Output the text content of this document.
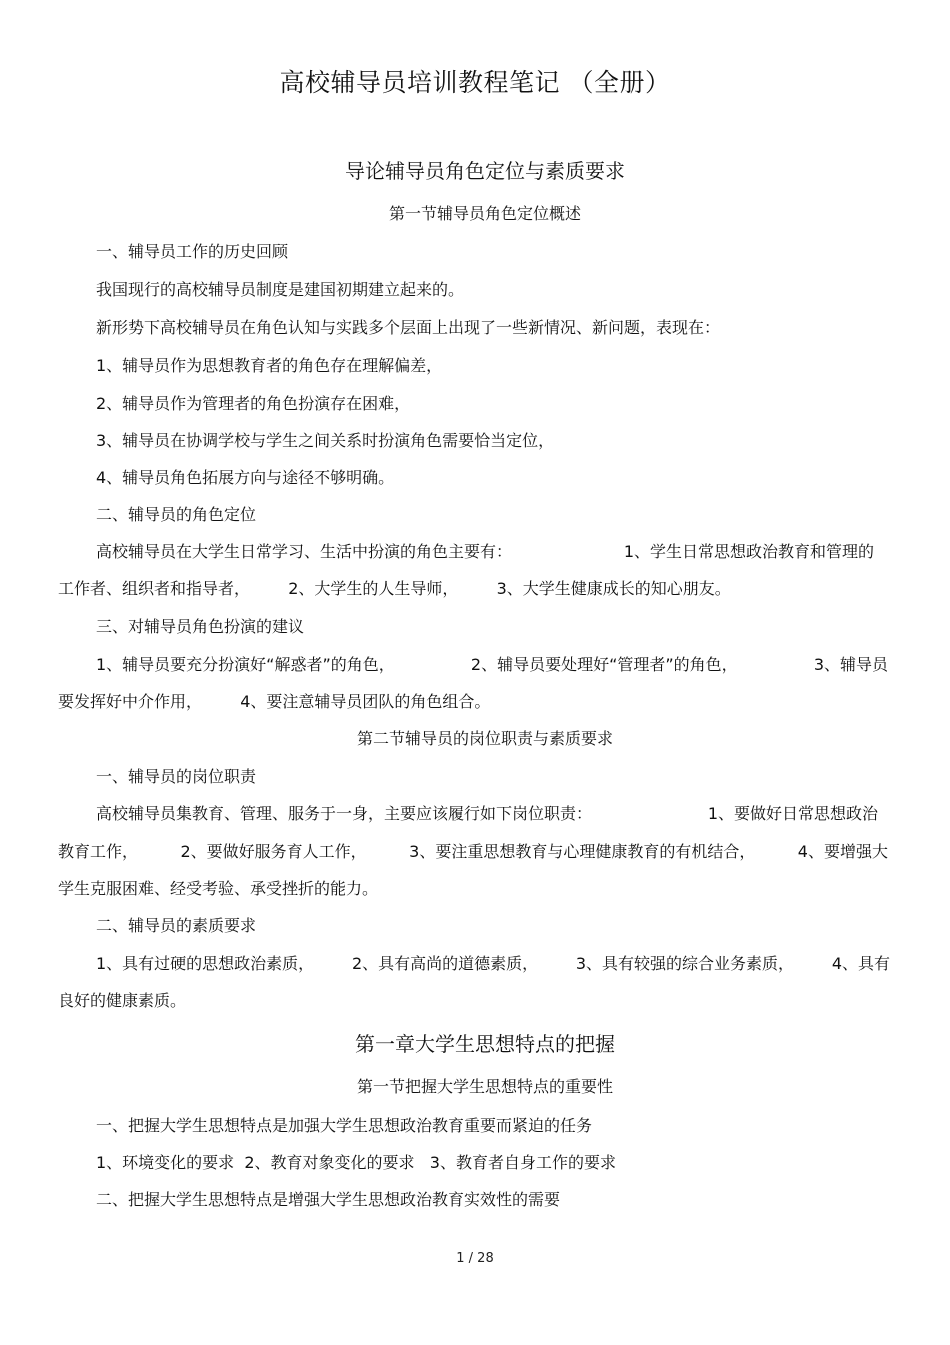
高校辅导员培训教程笔记 （全册）
导论辅导员角色定位与素质要求
第一节辅导员角色定位概述
一、辅导员工作的历史回顾
我国现行的高校辅导员制度是建国初期建立起来的。
新形势下高校辅导员在角色认知与实践多个层面上出现了一些新情况、新问题，表现在：
1、辅导员作为思想教育者的角色存在理解偏差，
2、辅导员作为管理者的角色扮演存在困难，
3、辅导员在协调学校与学生之间关系时扮演角色需要恰当定位，
4、辅导员角色拓展方向与途径不够明确。
二、辅导员的角色定位
高校辅导员在大学生日常学习、生活中扮演的角色主要有：	1、学生日常思想政治教育和管理的
工作者、组织者和指导者， 2、大学生的人生导师， 3、大学生健康成长的知心朋友。
三、对辅导员角色扮演的建议
1、辅导员要充分扮演好“解惑者”的角色，	2、辅导员要处理好“管理者”的角色，	3、辅导员
要发挥好中介作用， 4、要注意辅导员团队的角色组合。
第二节辅导员的岗位职责与素质要求
一、辅导员的岗位职责
高校辅导员集教育、管理、服务于一身，主要应该履行如下岗位职责：	1、要做好日常思想政治
教育工作，	2、要做好服务育人工作，	3、要注重思想教育与心理健康教育的有机结合，	4、要增强大
学生克服困难、经受考验、承受挫折的能力。
二、辅导员的素质要求
1、具有过硬的思想政治素质， 2、具有高尚的道德素质， 3、具有较强的综合业务素质， 4、具有
良好的健康素质。
第一章大学生思想特点的把握
第一节把握大学生思想特点的重要性
一、把握大学生思想特点是加强大学生思想政治教育重要而紧迫的任务
1、环境变化的要求  2、教育对象变化的要求   3、教育者自身工作的要求
二、把握大学生思想特点是增强大学生思想政治教育实效性的需要
1 / 28
